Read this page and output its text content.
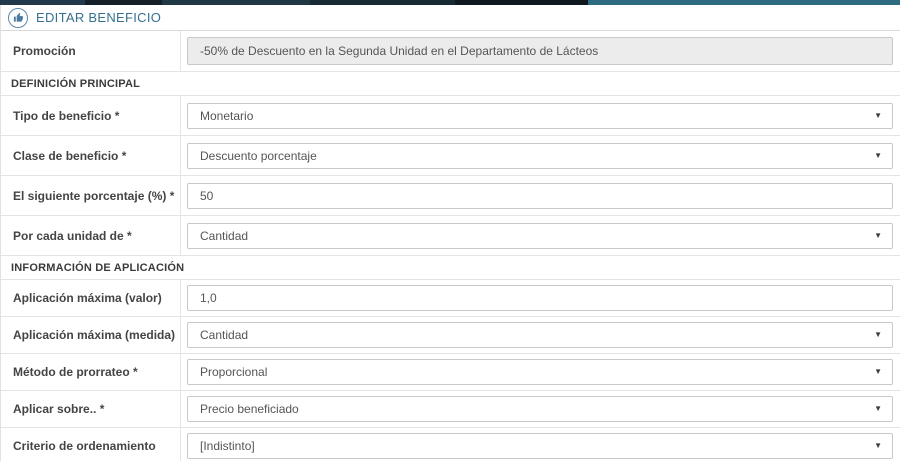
EDITAR BENEFICIO
Promoción	-50% de Descuento en la Segunda Unidad en el Departamento de Lácteos
DEFINICIÓN PRINCIPAL
Tipo de beneficio *	Monetario	▼
Clase de beneficio *	Descuento porcentaje	▼
El siguiente porcentaje (%) *	50
Por cada unidad de *	Cantidad	▼
INFORMACIÓN DE APLICACIÓN
Aplicación máxima (valor)	1,0
Aplicación máxima (medida)	Cantidad	▼
Método de prorrateo *	Proporcional	▼
Aplicar sobre.. *	Precio beneficiado	▼
Criterio de ordenamiento	[Indistinto]	▼
